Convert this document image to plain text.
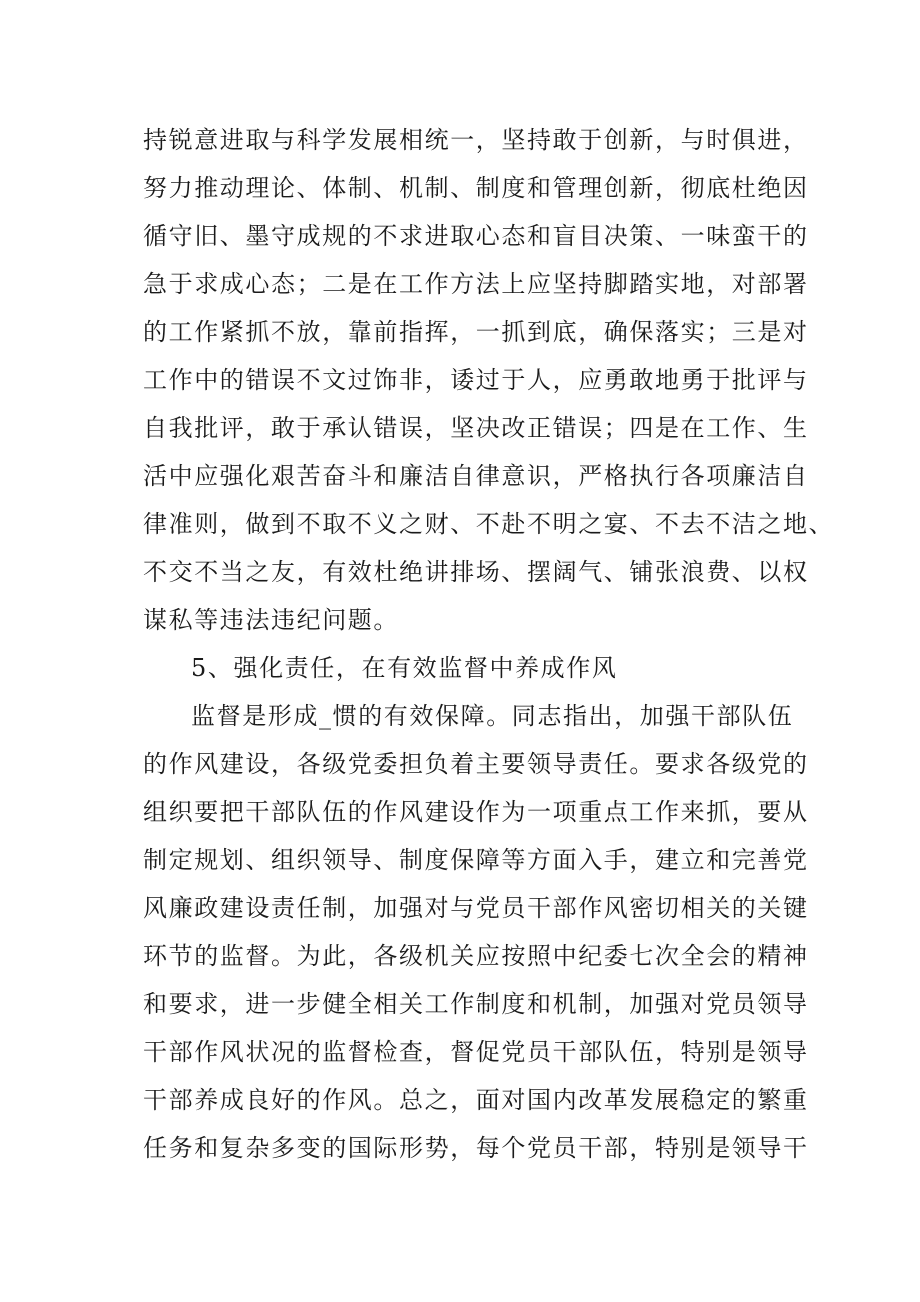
持锐意进取与科学发展相统一，坚持敢于创新，与时俱进，
努力推动理论、体制、机制、制度和管理创新，彻底杜绝因
循守旧、墨守成规的不求进取心态和盲目决策、一味蛮干的
急于求成心态；二是在工作方法上应坚持脚踏实地，对部署
的工作紧抓不放，靠前指挥，一抓到底，确保落实；三是对
工作中的错误不文过饰非，诿过于人，应勇敢地勇于批评与
自我批评，敢于承认错误，坚决改正错误；四是在工作、生
活中应强化艰苦奋斗和廉洁自律意识，严格执行各项廉洁自
律准则，做到不取不义之财、不赴不明之宴、不去不洁之地、
不交不当之友，有效杜绝讲排场、摆阔气、铺张浪费、以权
谋私等违法违纪问题。
5、强化责任，在有效监督中养成作风
监督是形成_惯的有效保障。同志指出，加强干部队伍
的作风建设，各级党委担负着主要领导责任。要求各级党的
组织要把干部队伍的作风建设作为一项重点工作来抓，要从
制定规划、组织领导、制度保障等方面入手，建立和完善党
风廉政建设责任制，加强对与党员干部作风密切相关的关键
环节的监督。为此，各级机关应按照中纪委七次全会的精神
和要求，进一步健全相关工作制度和机制，加强对党员领导
干部作风状况的监督检查，督促党员干部队伍，特别是领导
干部养成良好的作风。总之，面对国内改革发展稳定的繁重
任务和复杂多变的国际形势，每个党员干部，特别是领导干
